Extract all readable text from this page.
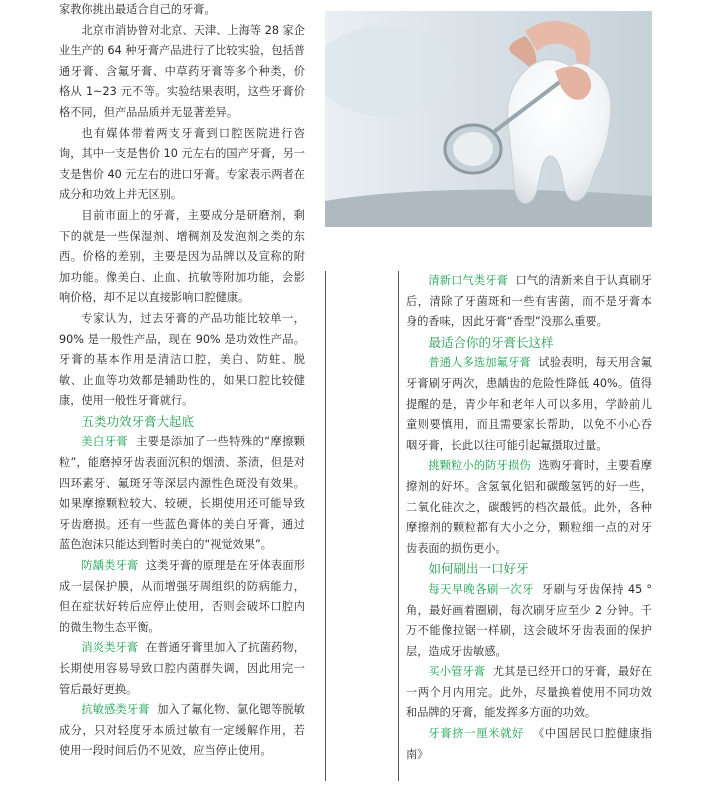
家教你挑出最适合自己的牙膏。

北京市消协曾对北京、天津、上海等 28 家企业生产的 64 种牙膏产品进行了比较实验，包括普通牙膏、含氟牙膏、中草药牙膏等多个种类，价格从 1~23 元不等。实验结果表明，这些牙膏价格不同，但产品品质并无显著差异。

也有媒体带着两支牙膏到口腔医院进行咨询，其中一支是售价 10 元左右的国产牙膏，另一支是售价 40 元左右的进口牙膏。专家表示两者在成分和功效上并无区别。

目前市面上的牙膏，主要成分是研磨剂，剩下的就是一些保湿剂、增稠剂及发泡剂之类的东西。价格的差别，主要是因为品牌以及宣称的附加功能。像美白、止血、抗敏等附加功能，会影响价格，却不足以直接影响口腔健康。

专家认为，过去牙膏的产品功能比较单一，90% 是一般性产品，现在 90% 是功效性产品。牙膏的基本作用是清洁口腔，美白、防蛀、脱敏、止血等功效都是辅助性的，如果口腔比较健康，使用一般性牙膏就行。

五类功效牙膏大起底

美白牙膏 主要是添加了一些特殊的“摩擦颗粒”，能磨掉牙齿表面沉积的烟渍、茶渍，但是对四环素牙、氟斑牙等深层内源性色斑没有效果。如果摩擦颗粒较大、较硬，长期使用还可能导致牙齿磨损。还有一些蓝色膏体的美白牙膏，通过蓝色泡沫只能达到暂时美白的“视觉效果”。

防龋类牙膏 这类牙膏的原理是在牙体表面形成一层保护膜，从而增强牙周组织的防病能力，但在症状好转后应停止使用，否则会破坏口腔内的微生物生态平衡。

消炎类牙膏 在普通牙膏里加入了抗菌药物，长期使用容易导致口腔内菌群失调，因此用完一管后最好更换。

抗敏感类牙膏 加入了氟化物、氯化锶等脱敏成分，只对轻度牙本质过敏有一定缓解作用，若使用一段时间后仍不见效，应当停止使用。

清新口气类牙膏 口气的清新来自于认真刷牙后，清除了牙菌斑和一些有害菌，而不是牙膏本身的香味，因此牙膏“香型”没那么重要。

最适合你的牙膏长这样

普通人多选加氟牙膏 试验表明，每天用含氟牙膏刷牙两次，患龋齿的危险性降低 40%。值得提醒的是，青少年和老年人可以多用，学龄前儿童则要慎用，而且需要家长帮助，以免不小心吞咽牙膏，长此以往可能引起氟摄取过量。

挑颗粒小的防牙损伤 选购牙膏时，主要看摩擦剂的好坏。含氢氧化铝和碳酸氢钙的好一些，二氧化硅次之，碳酸钙的档次最低。此外，各种摩擦剂的颗粒都有大小之分，颗粒细一点的对牙齿表面的损伤更小。

如何刷出一口好牙

每天早晚各刷一次牙 牙刷与牙齿保持 45 °角，最好画着圈刷，每次刷牙应至少 2 分钟。千万不能像拉锯一样刷，这会破坏牙齿表面的保护层，造成牙齿敏感。

买小管牙膏 尤其是已经开口的牙膏，最好在一两个月内用完。此外，尽量换着使用不同功效和品牌的牙膏，能发挥多方面的功效。

牙膏挤一厘米就好 《中国居民口腔健康指南》
